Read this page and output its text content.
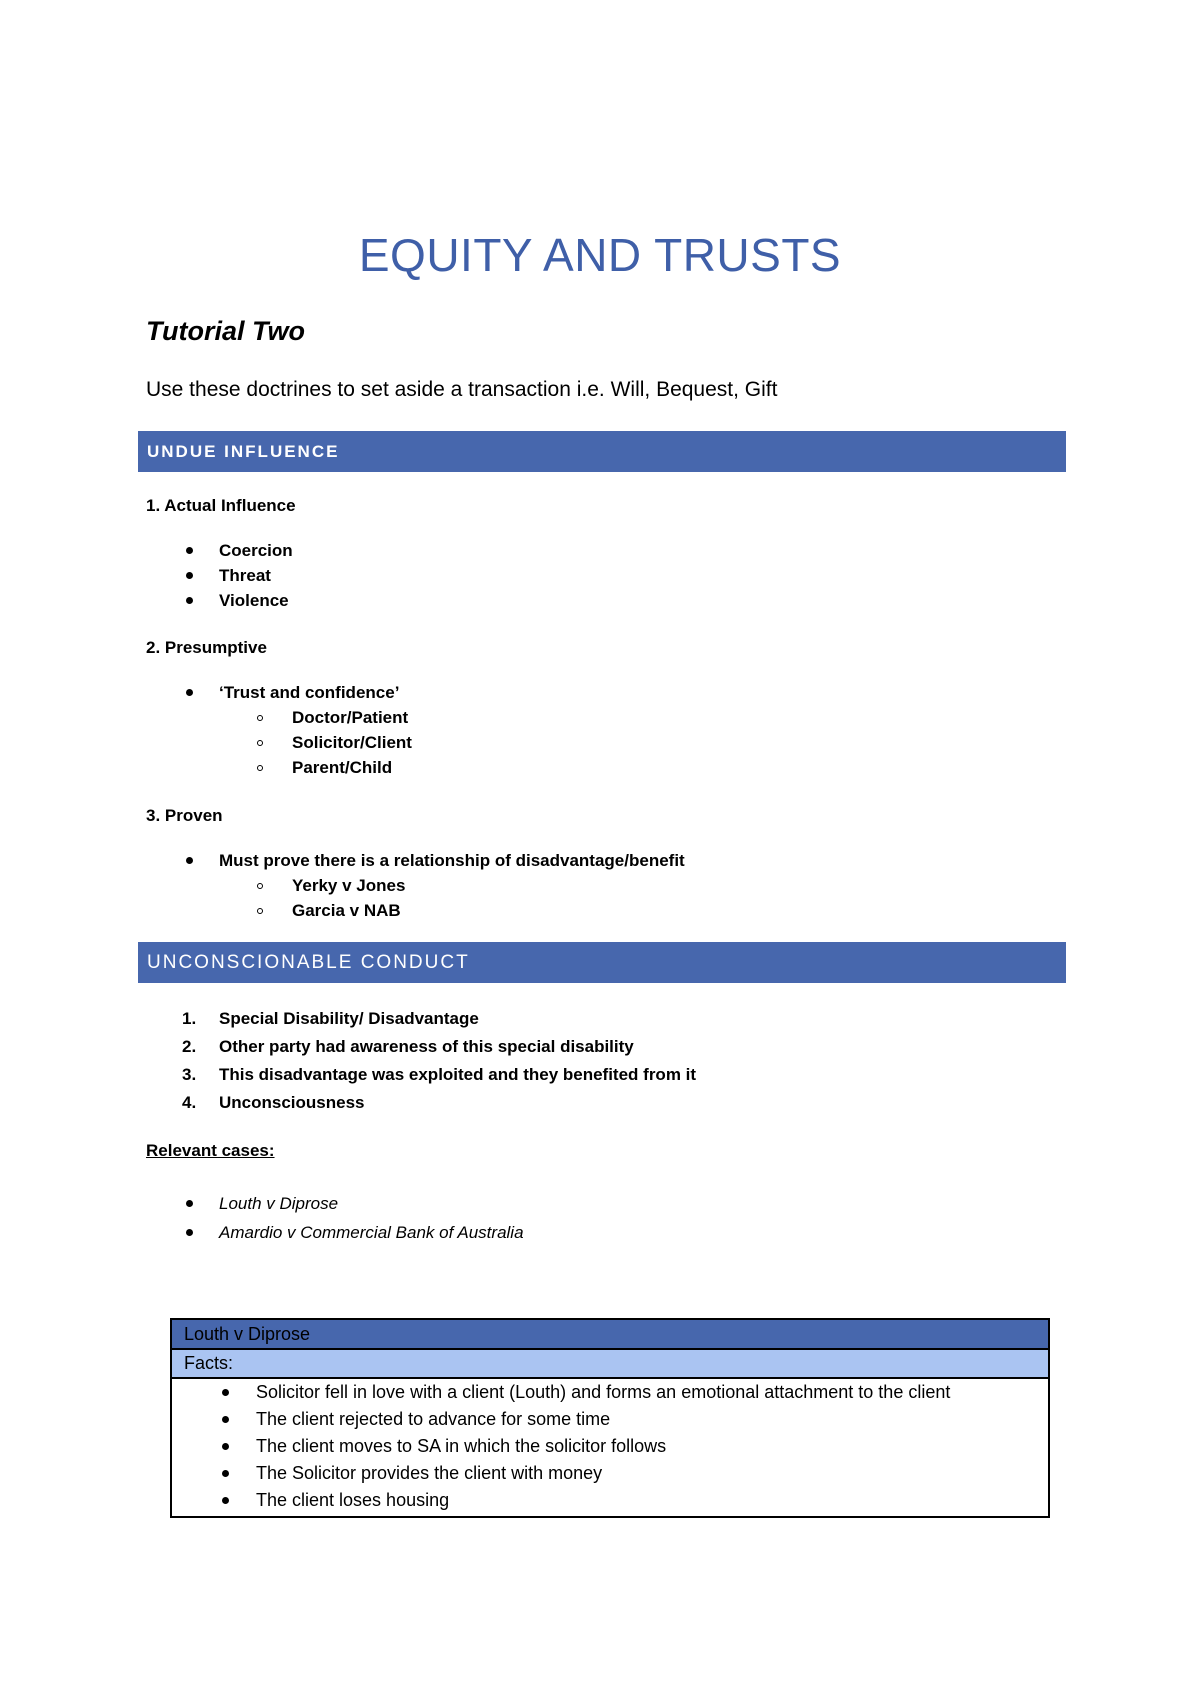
EQUITY AND TRUSTS
Tutorial Two
Use these doctrines to set aside a transaction i.e. Will, Bequest, Gift
UNDUE INFLUENCE
1. Actual Influence
Coercion
Threat
Violence
2. Presumptive
‘Trust and confidence’
Doctor/Patient
Solicitor/Client
Parent/Child
3. Proven
Must prove there is a relationship of disadvantage/benefit
Yerky v Jones
Garcia v NAB
UNCONSCIONABLE CONDUCT
1. Special Disability/ Disadvantage
2. Other party had awareness of this special disability
3. This disadvantage was exploited and they benefited from it
4. Unconsciousness
Relevant cases:
Louth v Diprose
Amardio v Commercial Bank of Australia
Louth v Diprose
Facts:
Solicitor fell in love with a client (Louth) and forms an emotional attachment to the client
The client rejected to advance for some time
The client moves to SA in which the solicitor follows
The Solicitor provides the client with money
The client loses housing
